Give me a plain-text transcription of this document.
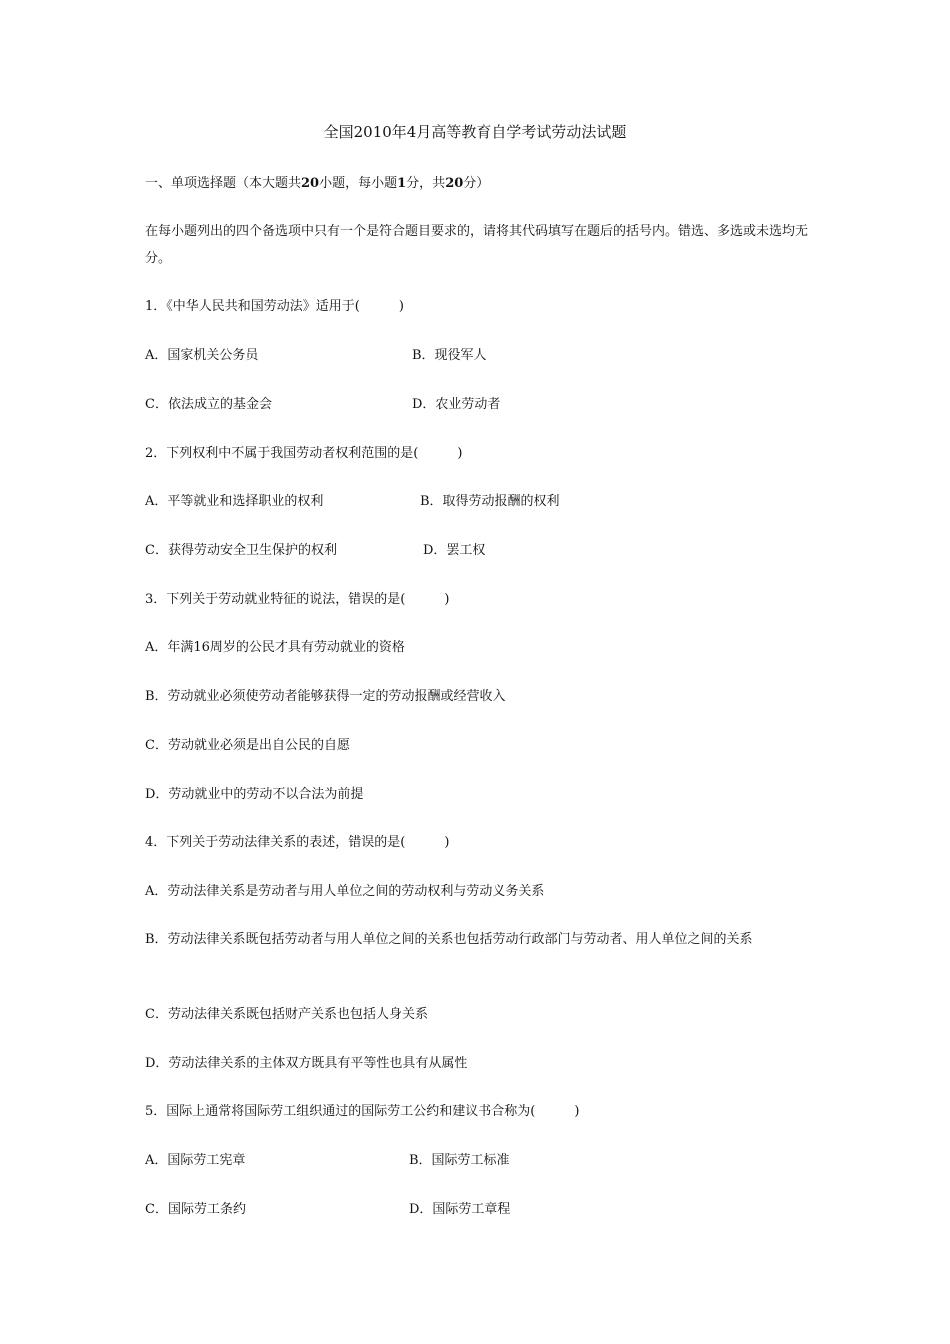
全国2010年4月高等教育自学考试劳动法试题
一、单项选择题（本大题共20小题，每小题1分，共20分）
在每小题列出的四个备选项中只有一个是符合题目要求的，请将其代码填写在题后的括号内。错选、多选或未选均无分。
1．《中华人民共和国劳动法》适用于(　　　)
A．国家机关公务员	B．现役军人
C．依法成立的基金会	D．农业劳动者
2．下列权利中不属于我国劳动者权利范围的是(　　　)
A．平等就业和选择职业的权利	B．取得劳动报酬的权利
C．获得劳动安全卫生保护的权利	D．罢工权
3．下列关于劳动就业特征的说法，错误的是(　　　)
A．年满16周岁的公民才具有劳动就业的资格
B．劳动就业必须使劳动者能够获得一定的劳动报酬或经营收入
C．劳动就业必须是出自公民的自愿
D．劳动就业中的劳动不以合法为前提
4．下列关于劳动法律关系的表述，错误的是(　　　)
A．劳动法律关系是劳动者与用人单位之间的劳动权利与劳动义务关系
B．劳动法律关系既包括劳动者与用人单位之间的关系也包括劳动行政部门与劳动者、用人单位之间的关系
C．劳动法律关系既包括财产关系也包括人身关系
D．劳动法律关系的主体双方既具有平等性也具有从属性
5．国际上通常将国际劳工组织通过的国际劳工公约和建议书合称为(　　　)
A．国际劳工宪章	B．国际劳工标准
C．国际劳工条约	D．国际劳工章程
